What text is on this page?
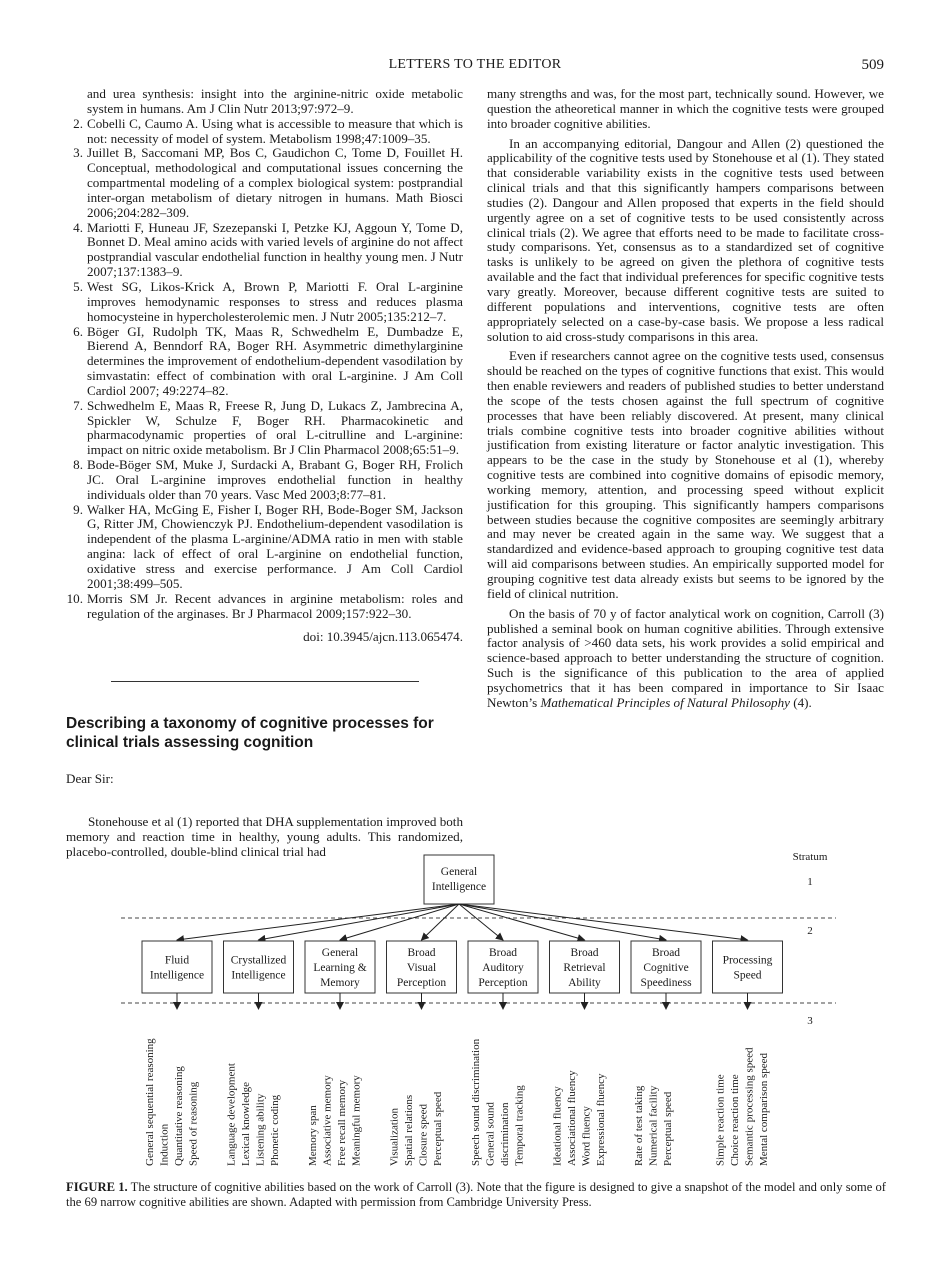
LETTERS TO THE EDITOR	509
and urea synthesis: insight into the arginine-nitric oxide metabolic system in humans. Am J Clin Nutr 2013;97:972–9.
2. Cobelli C, Caumo A. Using what is accessible to measure that which is not: necessity of model of system. Metabolism 1998;47:1009–35.
3. Juillet B, Saccomani MP, Bos C, Gaudichon C, Tome D, Fouillet H. Conceptual, methodological and computational issues concerning the compartmental modeling of a complex biological system: postprandial inter-organ metabolism of dietary nitrogen in humans. Math Biosci 2006;204:282–309.
4. Mariotti F, Huneau JF, Szezepanski I, Petzke KJ, Aggoun Y, Tome D, Bonnet D. Meal amino acids with varied levels of arginine do not affect postprandial vascular endothelial function in healthy young men. J Nutr 2007;137:1383–9.
5. West SG, Likos-Krick A, Brown P, Mariotti F. Oral L-arginine improves hemodynamic responses to stress and reduces plasma homocysteine in hypercholesterolemic men. J Nutr 2005;135:212–7.
6. Böger GI, Rudolph TK, Maas R, Schwedhelm E, Dumbadze E, Bierend A, Benndorf RA, Boger RH. Asymmetric dimethylarginine determines the improvement of endothelium-dependent vasodilation by simvastatin: effect of combination with oral L-arginine. J Am Coll Cardiol 2007; 49:2274–82.
7. Schwedhelm E, Maas R, Freese R, Jung D, Lukacs Z, Jambrecina A, Spickler W, Schulze F, Boger RH. Pharmacokinetic and pharmacodynamic properties of oral L-citrulline and L-arginine: impact on nitric oxide metabolism. Br J Clin Pharmacol 2008;65:51–9.
8. Bode-Böger SM, Muke J, Surdacki A, Brabant G, Boger RH, Frolich JC. Oral L-arginine improves endothelial function in healthy individuals older than 70 years. Vasc Med 2003;8:77–81.
9. Walker HA, McGing E, Fisher I, Boger RH, Bode-Boger SM, Jackson G, Ritter JM, Chowienczyk PJ. Endothelium-dependent vasodilation is independent of the plasma L-arginine/ADMA ratio in men with stable angina: lack of effect of oral L-arginine on endothelial function, oxidative stress and exercise performance. J Am Coll Cardiol 2001;38:499–505.
10. Morris SM Jr. Recent advances in arginine metabolism: roles and regulation of the arginases. Br J Pharmacol 2009;157:922–30.
doi: 10.3945/ajcn.113.065474.
Describing a taxonomy of cognitive processes for clinical trials assessing cognition
Dear Sir:

Stonehouse et al (1) reported that DHA supplementation improved both memory and reaction time in healthy, young adults. This randomized, placebo-controlled, double-blind clinical trial had

many strengths and was, for the most part, technically sound. However, we question the atheoretical manner in which the cognitive tests were grouped into broader cognitive abilities.

In an accompanying editorial, Dangour and Allen (2) questioned the applicability of the cognitive tests used by Stonehouse et al (1). They stated that considerable variability exists in the cognitive tests used between clinical trials and that this significantly hampers comparisons between studies (2). Dangour and Allen proposed that experts in the field should urgently agree on a set of cognitive tests to be used consistently across clinical trials (2). We agree that efforts need to be made to facilitate cross-study comparisons. Yet, consensus as to a standardized set of cognitive tasks is unlikely to be agreed on given the plethora of cognitive tests available and the fact that individual preferences for specific cognitive tests vary greatly. Moreover, because different cognitive tests are suited to different populations and interventions, cognitive tests are often appropriately selected on a case-by-case basis. We propose a less radical solution to aid cross-study comparisons in this area.

Even if researchers cannot agree on the cognitive tests used, consensus should be reached on the types of cognitive functions that exist. This would then enable reviewers and readers of published studies to better understand the scope of the tests chosen against the full spectrum of cognitive processes that have been reliably discovered. At present, many clinical trials combine cognitive tests into broader cognitive abilities without justification from existing literature or factor analytic investigation. This appears to be the case in the study by Stonehouse et al (1), whereby cognitive tests are combined into cognitive domains of episodic memory, working memory, attention, and processing speed without explicit justification for this grouping. This significantly hampers comparisons between studies because the cognitive composites are seemingly arbitrary and may never be created again in the same way. We suggest that a standardized and evidence-based approach to grouping cognitive test data will aid comparisons between studies. An empirically supported model for grouping cognitive test data already exists but seems to be ignored by the field of clinical nutrition.

On the basis of 70 y of factor analytical work on cognition, Carroll (3) published a seminal book on human cognitive abilities. Through extensive factor analysis of >460 data sets, his work provides a solid empirical and science-based approach to better understanding the structure of cognition. Such is the significance of this publication to the area of applied psychometrics that it has been compared in importance to Sir Isaac Newton’s Mathematical Principles of Natural Philosophy (4).

Stratum
1
2
3
General
Intelligence
Fluid
Intelligence
General sequential reasoning Induction Quantitative reasoning Speed of reasoning
Crystallized
Intelligence
Language development Lexical knowledge Listening ability Phonetic coding
General
Learning &
Memory
Memory span Associative memory Free recall memory Meaningful memory
Broad
Visual
Perception
Visualization Spatial relations Closure speed Perceptual speed
Broad
Auditory
Perception
Speech sound discrimination General sound discrimination Temporal tracking
Broad
Retrieval
Ability
Ideational fluency Associational fluency Word fluency Expressional fluency
Broad
Cognitive
Speediness
Rate of test taking Numerical facility Perceptual speed
Processing
Speed
Simple reaction time Choice reaction time Semantic processing speed Mental comparison speed
FIGURE 1. The structure of cognitive abilities based on the work of Carroll (3). Note that the figure is designed to give a snapshot of the model and only some of the 69 narrow cognitive abilities are shown. Adapted with permission from Cambridge University Press.
